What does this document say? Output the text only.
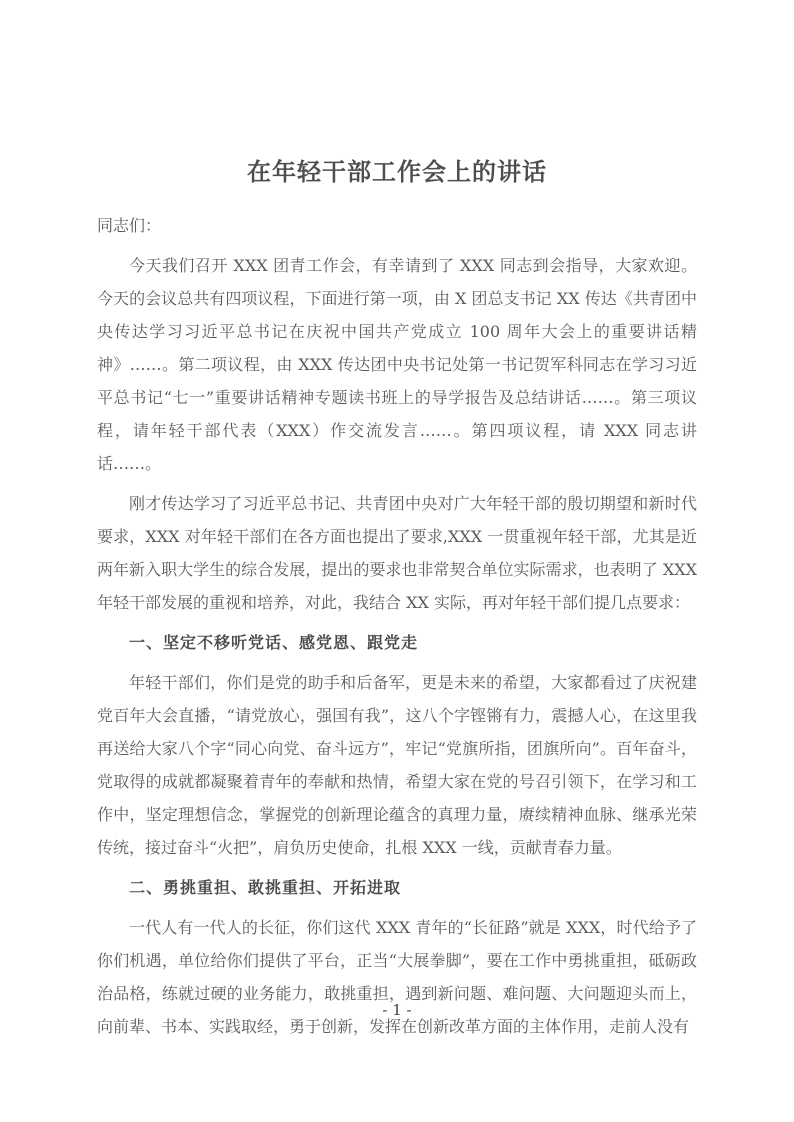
在年轻干部工作会上的讲话

同志们：

今天我们召开 XXX 团青工作会，有幸请到了 XXX 同志到会指导，大家欢迎。今天的会议总共有四项议程，下面进行第一项，由 X 团总支书记 XX 传达《共青团中央传达学习习近平总书记在庆祝中国共产党成立 100 周年大会上的重要讲话精神》……。第二项议程，由 XXX 传达团中央书记处第一书记贺军科同志在学习习近平总书记“七一”重要讲话精神专题读书班上的导学报告及总结讲话……。第三项议程，请年轻干部代表（XXX）作交流发言……。第四项议程，请 XXX 同志讲话……。

刚才传达学习了习近平总书记、共青团中央对广大年轻干部的殷切期望和新时代要求，XXX 对年轻干部们在各方面也提出了要求,XXX 一贯重视年轻干部，尤其是近两年新入职大学生的综合发展，提出的要求也非常契合单位实际需求，也表明了 XXX 年轻干部发展的重视和培养，对此，我结合 XX 实际，再对年轻干部们提几点要求：

一、坚定不移听党话、感党恩、跟党走

年轻干部们，你们是党的助手和后备军，更是未来的希望，大家都看过了庆祝建党百年大会直播，“请党放心，强国有我”，这八个字铿锵有力，震撼人心，在这里我再送给大家八个字“同心向党、奋斗远方”，牢记“党旗所指，团旗所向”。百年奋斗，党取得的成就都凝聚着青年的奉献和热情，希望大家在党的号召引领下，在学习和工作中，坚定理想信念，掌握党的创新理论蕴含的真理力量，赓续精神血脉、继承光荣传统，接过奋斗“火把”，肩负历史使命，扎根 XXX 一线，贡献青春力量。

二、勇挑重担、敢挑重担、开拓进取

一代人有一代人的长征，你们这代 XXX 青年的“长征路”就是 XXX，时代给予了你们机遇，单位给你们提供了平台，正当“大展拳脚”，要在工作中勇挑重担，砥砺政治品格，练就过硬的业务能力，敢挑重担，遇到新问题、难问题、大问题迎头而上， 向前辈、书本、实践取经，勇于创新，发挥在创新改革方面的主体作用，走前人没有

- 1 -
